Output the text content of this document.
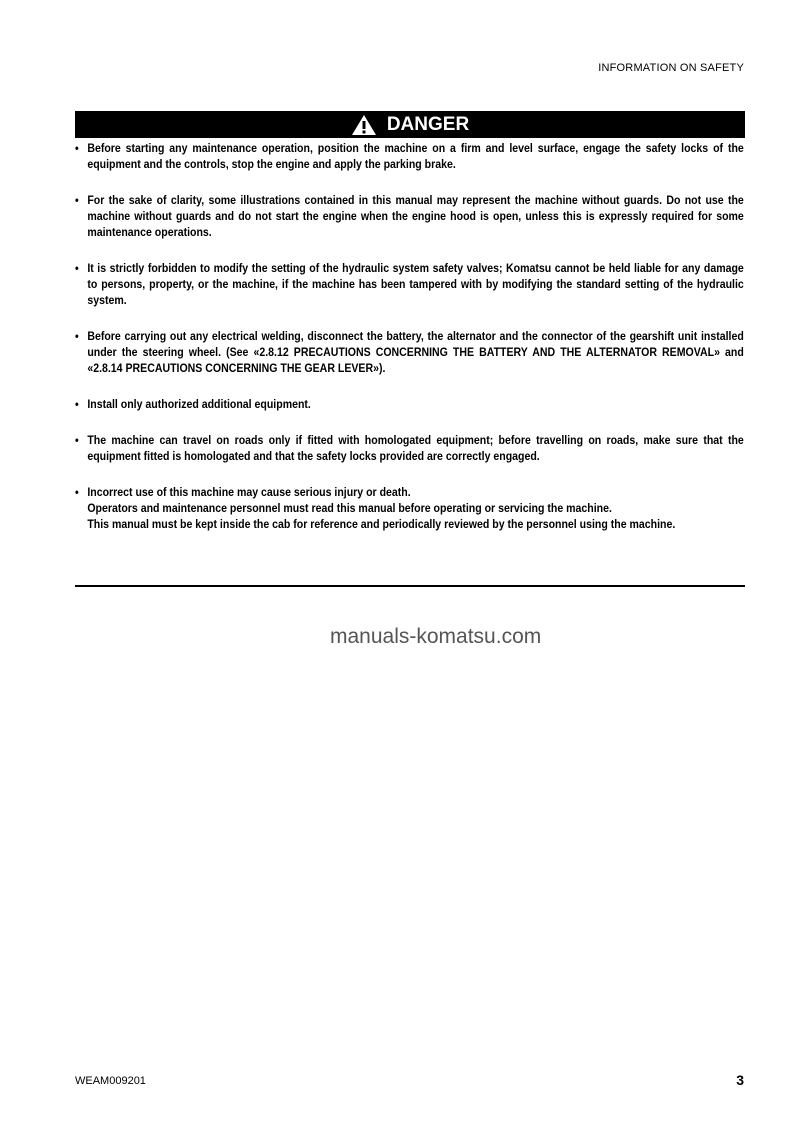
INFORMATION ON SAFETY
DANGER
• Before starting any maintenance operation, position the machine on a firm and level surface, engage the safety locks of the equipment and the controls, stop the engine and apply the parking brake.

• For the sake of clarity, some illustrations contained in this manual may represent the machine without guards. Do not use the machine without guards and do not start the engine when the engine hood is open, unless this is expressly required for some maintenance operations.

• It is strictly forbidden to modify the setting of the hydraulic system safety valves; Komatsu cannot be held liable for any damage to persons, property, or the machine, if the machine has been tampered with by modifying the standard setting of the hydraulic system.

• Before carrying out any electrical welding, disconnect the battery, the alternator and the connector of the gearshift unit installed under the steering wheel. (See «2.8.12 PRECAUTIONS CONCERNING THE BATTERY AND THE ALTERNATOR REMOVAL» and «2.8.14 PRECAUTIONS CONCERNING THE GEAR LEVER»).

• Install only authorized additional equipment.

• The machine can travel on roads only if fitted with homologated equipment; before travelling on roads, make sure that the equipment fitted is homologated and that the safety locks provided are correctly engaged.

• Incorrect use of this machine may cause serious injury or death.

Operators and maintenance personnel must read this manual before operating or servicing the machine.

This manual must be kept inside the cab for reference and periodically reviewed by the personnel using the machine.

manuals-komatsu.com
WEAM009201	3
